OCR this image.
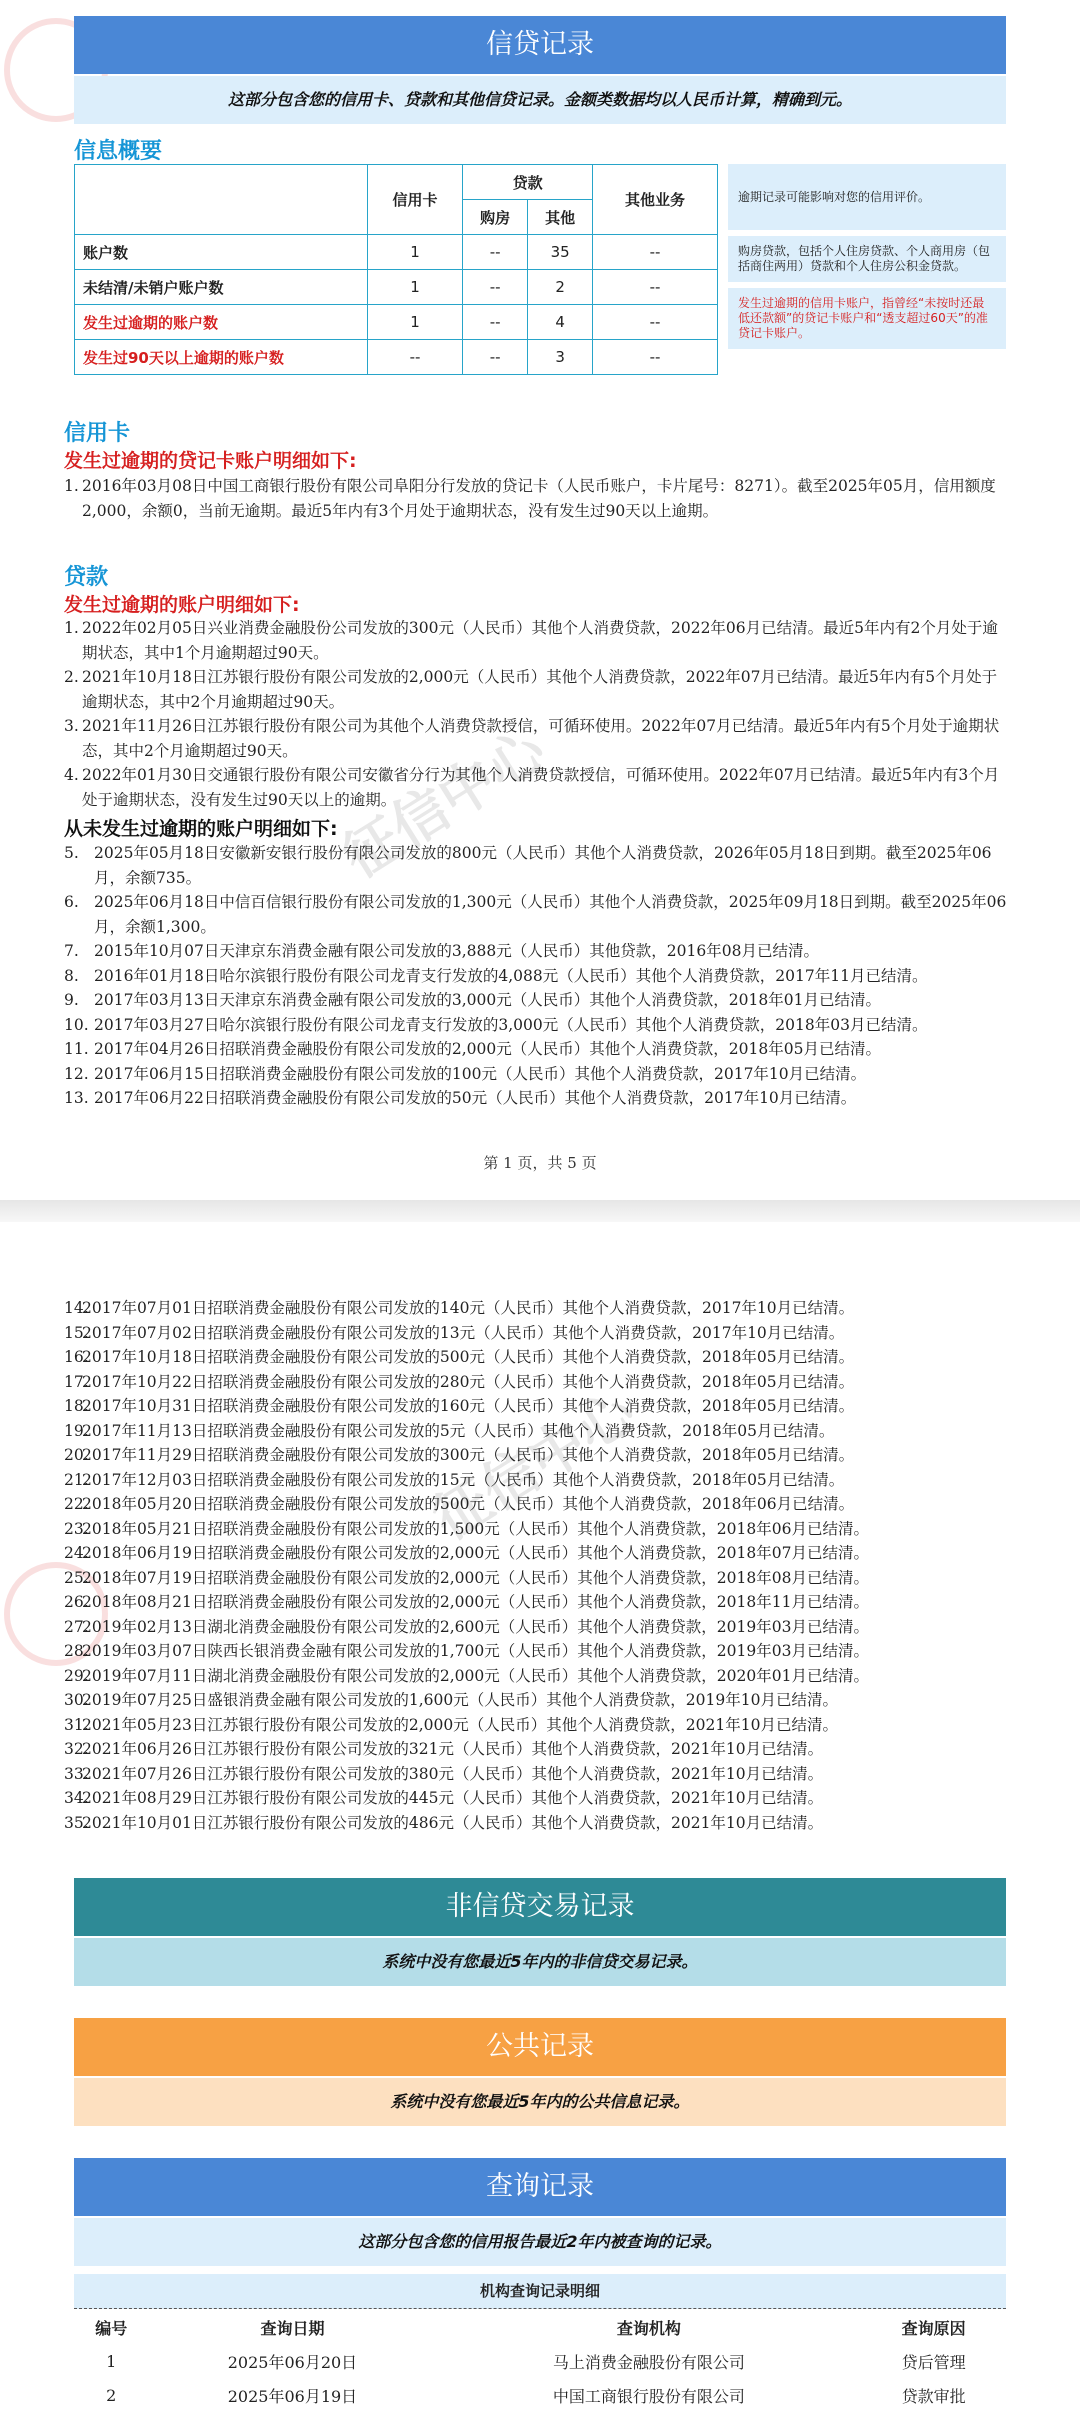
征信中心
信贷记录
这部分包含您的信用卡、贷款和其他信贷记录。金额类数据均以人民币计算，精确到元。
信息概要
	信用卡	贷款		其他业务
		购房	其他	
账户数	1	--	35	--
未结清/未销户账户数	1	--	2	--
发生过逾期的账户数	1	--	4	--
发生过90天以上逾期的账户数	--	--	3	--
逾期记录可能影响对您的信用评价。
购房贷款，包括个人住房贷款、个人商用房（包括商住两用）贷款和个人住房公积金贷款。
发生过逾期的信用卡账户，指曾经“未按时还最低还款额”的贷记卡账户和“透支超过60天”的准贷记卡账户。
信用卡
发生过逾期的贷记卡账户明细如下:
1. 2016年03月08日中国工商银行股份有限公司阜阳分行发放的贷记卡（人民币账户，卡片尾号：8271）。截至2025年05月，信用额度2,000，余额0，当前无逾期。最近5年内有3个月处于逾期状态，没有发生过90天以上逾期。
贷款
发生过逾期的账户明细如下:
1. 2022年02月05日兴业消费金融股份公司发放的300元（人民币）其他个人消费贷款，2022年06月已结清。最近5年内有2个月处于逾期状态，其中1个月逾期超过90天。
2. 2021年10月18日江苏银行股份有限公司发放的2,000元（人民币）其他个人消费贷款，2022年07月已结清。最近5年内有5个月处于逾期状态，其中2个月逾期超过90天。
3. 2021年11月26日江苏银行股份有限公司为其他个人消费贷款授信，可循环使用。2022年07月已结清。最近5年内有5个月处于逾期状态，其中2个月逾期超过90天。
4. 2022年01月30日交通银行股份有限公司安徽省分行为其他个人消费贷款授信，可循环使用。2022年07月已结清。最近5年内有3个月处于逾期状态，没有发生过90天以上的逾期。
从未发生过逾期的账户明细如下:
5. 2025年05月18日安徽新安银行股份有限公司发放的800元（人民币）其他个人消费贷款，2026年05月18日到期。截至2025年06月，余额735。
6. 2025年06月18日中信百信银行股份有限公司发放的1,300元（人民币）其他个人消费贷款，2025年09月18日到期。截至2025年06月，余额1,300。
7. 2015年10月07日天津京东消费金融有限公司发放的3,888元（人民币）其他贷款，2016年08月已结清。
8. 2016年01月18日哈尔滨银行股份有限公司龙青支行发放的4,088元（人民币）其他个人消费贷款，2017年11月已结清。
9. 2017年03月13日天津京东消费金融有限公司发放的3,000元（人民币）其他个人消费贷款，2018年01月已结清。
10. 2017年03月27日哈尔滨银行股份有限公司龙青支行发放的3,000元（人民币）其他个人消费贷款，2018年03月已结清。
11. 2017年04月26日招联消费金融股份有限公司发放的2,000元（人民币）其他个人消费贷款，2018年05月已结清。
12. 2017年06月15日招联消费金融股份有限公司发放的100元（人民币）其他个人消费贷款，2017年10月已结清。
13. 2017年06月22日招联消费金融股份有限公司发放的50元（人民币）其他个人消费贷款，2017年10月已结清。
第 1 页，共 5 页
征信中心
14.
2017年07月01日招联消费金融股份有限公司发放的140元（人民币）其他个人消费贷款，2017年10月已结清。
15.
2017年07月02日招联消费金融股份有限公司发放的13元（人民币）其他个人消费贷款，2017年10月已结清。
16.
2017年10月18日招联消费金融股份有限公司发放的500元（人民币）其他个人消费贷款，2018年05月已结清。
17.
2017年10月22日招联消费金融股份有限公司发放的280元（人民币）其他个人消费贷款，2018年05月已结清。
18.
2017年10月31日招联消费金融股份有限公司发放的160元（人民币）其他个人消费贷款，2018年05月已结清。
19.
2017年11月13日招联消费金融股份有限公司发放的5元（人民币）其他个人消费贷款，2018年05月已结清。
20.
2017年11月29日招联消费金融股份有限公司发放的300元（人民币）其他个人消费贷款，2018年05月已结清。
21.
2017年12月03日招联消费金融股份有限公司发放的15元（人民币）其他个人消费贷款，2018年05月已结清。
22.
2018年05月20日招联消费金融股份有限公司发放的500元（人民币）其他个人消费贷款，2018年06月已结清。
23.
2018年05月21日招联消费金融股份有限公司发放的1,500元（人民币）其他个人消费贷款，2018年06月已结清。
24.
2018年06月19日招联消费金融股份有限公司发放的2,000元（人民币）其他个人消费贷款，2018年07月已结清。
25.
2018年07月19日招联消费金融股份有限公司发放的2,000元（人民币）其他个人消费贷款，2018年08月已结清。
26.
2018年08月21日招联消费金融股份有限公司发放的2,000元（人民币）其他个人消费贷款，2018年11月已结清。
27.
2019年02月13日湖北消费金融股份有限公司发放的2,600元（人民币）其他个人消费贷款，2019年03月已结清。
28.
2019年03月07日陕西长银消费金融有限公司发放的1,700元（人民币）其他个人消费贷款，2019年03月已结清。
29.
2019年07月11日湖北消费金融股份有限公司发放的2,000元（人民币）其他个人消费贷款，2020年01月已结清。
30.
2019年07月25日盛银消费金融有限公司发放的1,600元（人民币）其他个人消费贷款，2019年10月已结清。
31.
2021年05月23日江苏银行股份有限公司发放的2,000元（人民币）其他个人消费贷款，2021年10月已结清。
32.
2021年06月26日江苏银行股份有限公司发放的321元（人民币）其他个人消费贷款，2021年10月已结清。
33.
2021年07月26日江苏银行股份有限公司发放的380元（人民币）其他个人消费贷款，2021年10月已结清。
34.
2021年08月29日江苏银行股份有限公司发放的445元（人民币）其他个人消费贷款，2021年10月已结清。
35.
2021年10月01日江苏银行股份有限公司发放的486元（人民币）其他个人消费贷款，2021年10月已结清。
非信贷交易记录
系统中没有您最近5年内的非信贷交易记录。
公共记录
系统中没有您最近5年内的公共信息记录。
查询记录
这部分包含您的信用报告最近2年内被查询的记录。
机构查询记录明细
编号	查询日期	查询机构	查询原因
1	2025年06月20日	马上消费金融股份有限公司	贷后管理
2	2025年06月19日	中国工商银行股份有限公司	贷款审批
